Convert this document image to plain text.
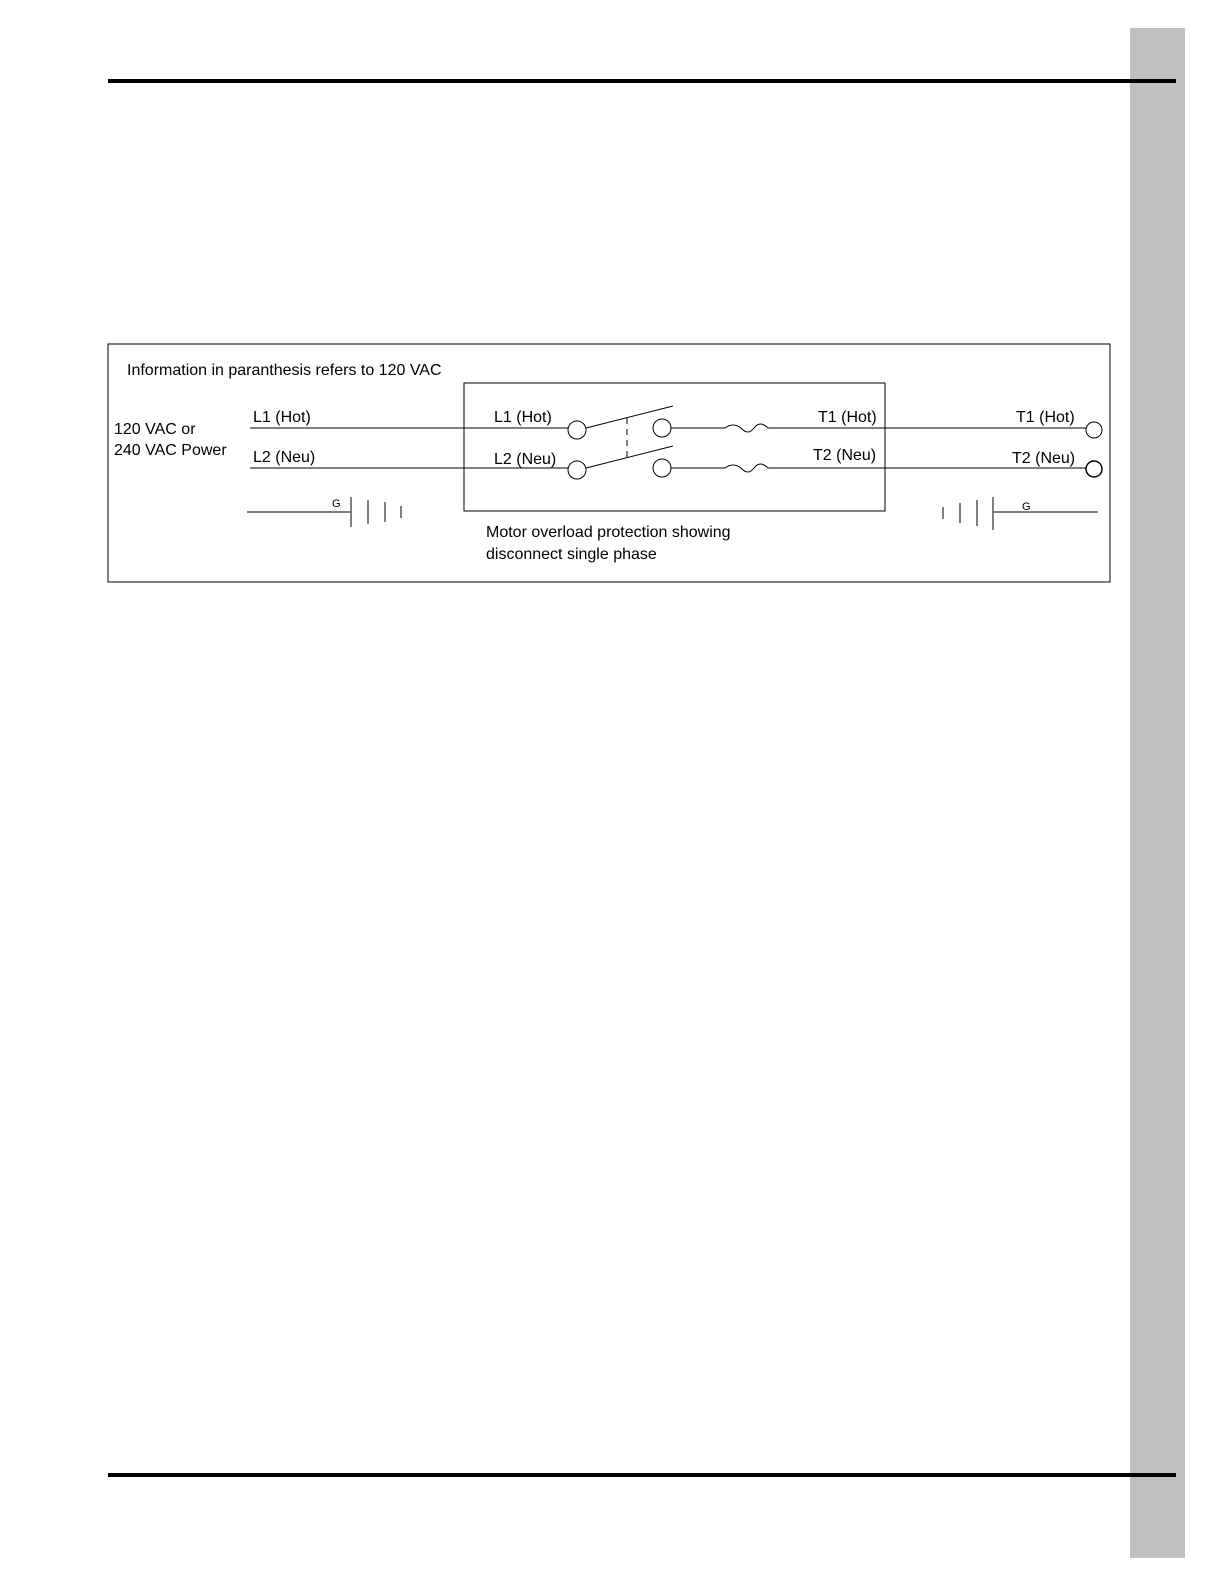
Information in paranthesis refers to 120 VAC
120 VAC or
240 VAC Power
L1 (Hot)
L2 (Neu)
L1 (Hot)
L2 (Neu)
T1 (Hot)
T2 (Neu)
T1 (Hot)
T2 (Neu)
Motor overload protection showing
disconnect single phase
G	G
